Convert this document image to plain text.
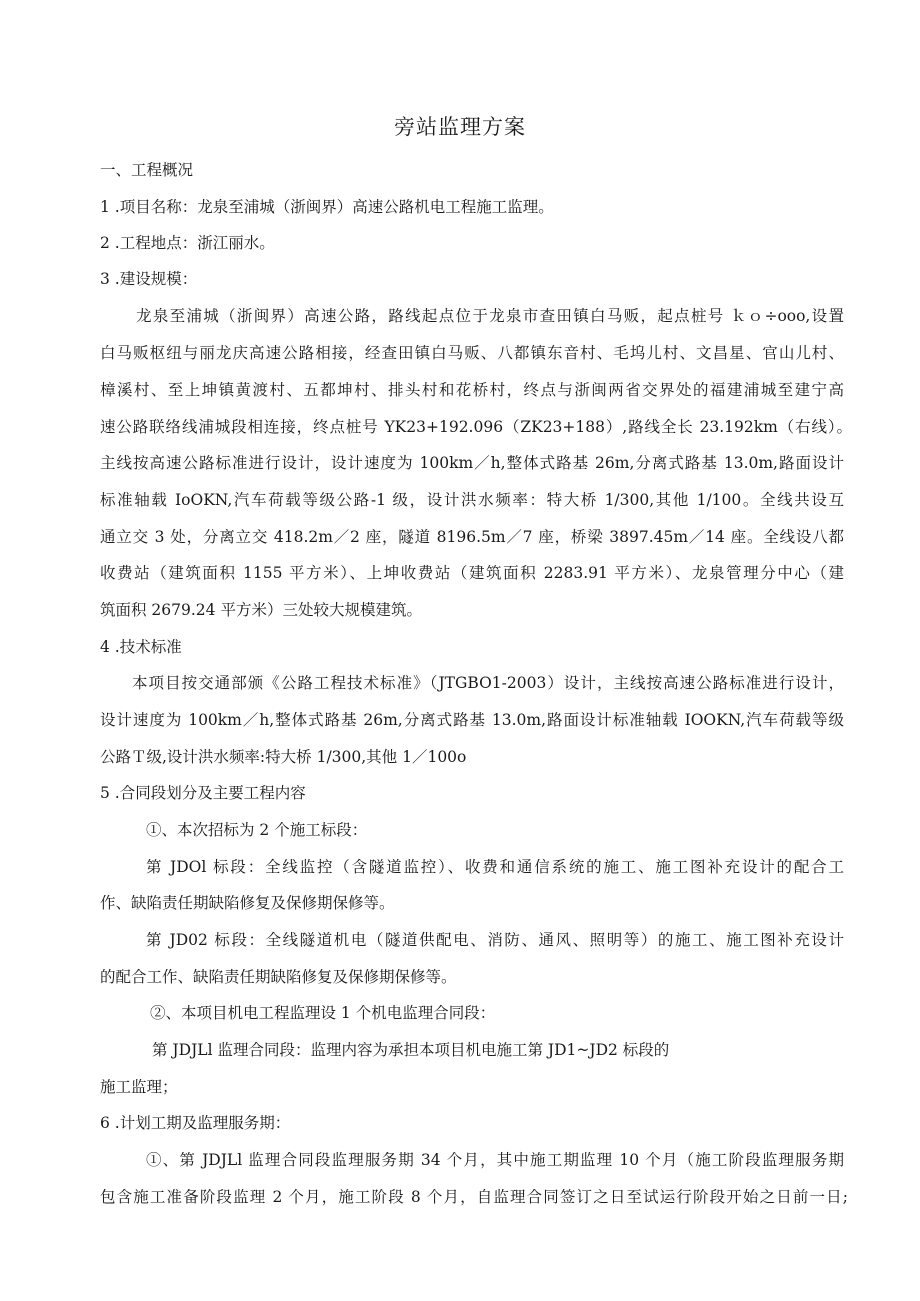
旁站监理方案
一、工程概况
1 .项目名称：龙泉至浦城（浙闽界）高速公路机电工程施工监理。
2 .工程地点：浙江丽水。
3 .建设规模：
龙泉至浦城（浙闽界）高速公路，路线起点位于龙泉市查田镇白马贩，起点桩号 ｋｏ÷ooo,设置
白马贩枢纽与丽龙庆高速公路相接，经查田镇白马贩、八都镇东音村、毛坞儿村、文昌星、官山儿村、
樟溪村、至上坤镇黄渡村、五都坤村、排头村和花桥村，终点与浙闽两省交界处的福建浦城至建宁高
速公路联络线浦城段相连接，终点桩号 YK23+192.096（ZK23+188）,路线全长 23.192km（右线）。
主线按高速公路标准进行设计，设计速度为 100km／h,整体式路基 26m,分离式路基 13.0m,路面设计
标准轴载 IoOKN,汽车荷载等级公路-1 级，设计洪水频率：特大桥 1/300,其他 1/100。全线共设互
通立交 3 处，分离立交 418.2m／2 座，隧道 8196.5m／7 座，桥梁 3897.45m／14 座。全线设八都
收费站（建筑面积 1155 平方米）、上坤收费站（建筑面积 2283.91 平方米）、龙泉管理分中心（建
筑面积 2679.24 平方米）三处较大规模建筑。
4 .技术标准
本项目按交通部颁《公路工程技术标准》（JTGBO1-2003）设计，主线按高速公路标准进行设计，
设计速度为 100km／h,整体式路基 26m,分离式路基 13.0m,路面设计标准轴载 IOOKN,汽车荷载等级
公路Ｔ级,设计洪水频率:特大桥 1/300,其他 1／100o
5 .合同段划分及主要工程内容
①、本次招标为 2 个施工标段：
第 JDOl 标段：全线监控（含隧道监控）、收费和通信系统的施工、施工图补充设计的配合工
作、缺陷责任期缺陷修复及保修期保修等。
第 JD02 标段：全线隧道机电（隧道供配电、消防、通风、照明等）的施工、施工图补充设计
的配合工作、缺陷责任期缺陷修复及保修期保修等。
②、本项目机电工程监理设 1 个机电监理合同段：
第 JDJLl 监理合同段：监理内容为承担本项目机电施工第 JD1~JD2 标段的
施工监理；
6 .计划工期及监理服务期：
①、第 JDJLl 监理合同段监理服务期 34 个月，其中施工期监理 10 个月（施工阶段监理服务期
包含施工准备阶段监理 2 个月，施工阶段 8 个月，自监理合同签订之日至试运行阶段开始之日前一日;
